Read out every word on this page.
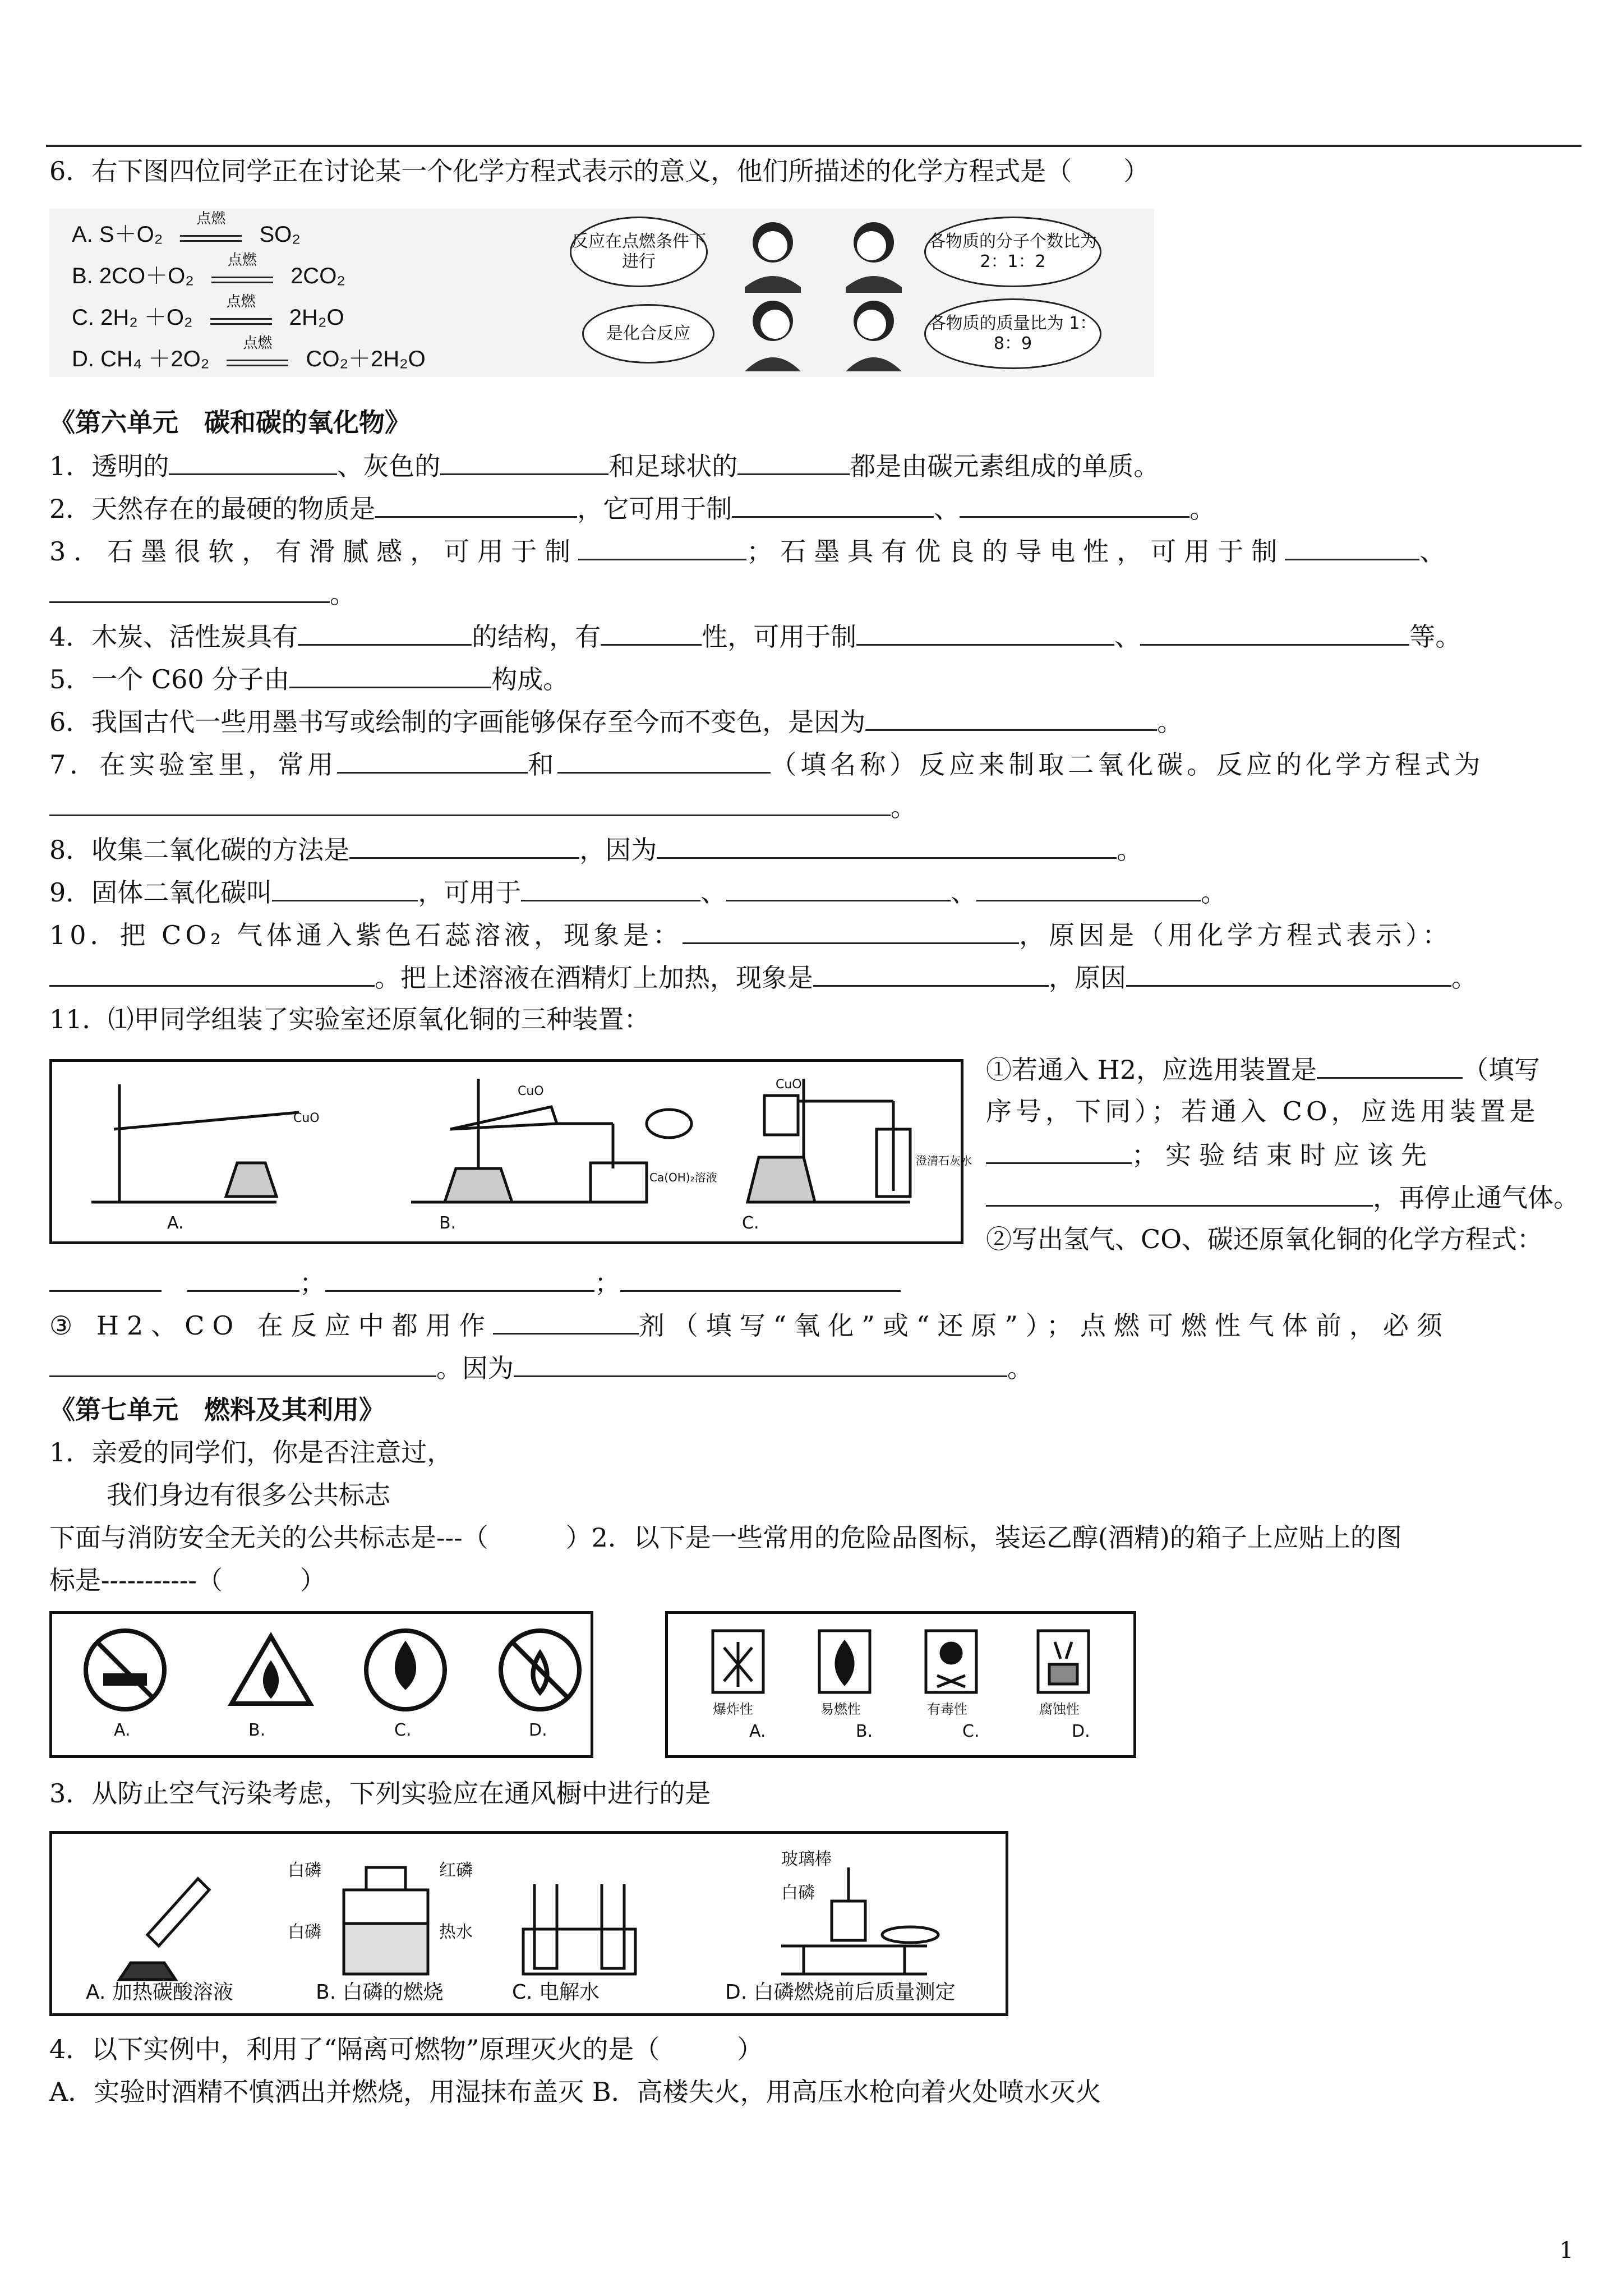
6．右下图四位同学正在讨论某一个化学方程式表示的意义，他们所描述的化学方程式是（　　）
A. S＋O₂
点燃
SO₂
B. 2CO＋O₂
点燃
2CO₂
C. 2H₂ ＋O₂
点燃
2H₂O
D. CH₄ ＋2O₂
点燃
CO₂＋2H₂O
反应在点燃条件下进行
各物质的分子个数比为 2：1：2
是化合反应
各物质的质量比为 1：8：9
《第六单元　碳和碳的氧化物》
1．透明的	、灰色的	和足球状的	都是由碳元素组成的单质。
2．天然存在的最硬的物质是	，它可用于制	、	。
3．石墨很软，有滑腻感，可用于制	；石墨具有优良的导电性，可用于制	、
。
4．木炭、活性炭具有	的结构，有	性，可用于制	、	等。
5．一个 C60 分子由	构成。
6．我国古代一些用墨书写或绘制的字画能够保存至今而不变色，是因为	。
7．在实验室里，常用	和	（填名称）反应来制取二氧化碳。反应的化学方程式为
。
8．收集二氧化碳的方法是	，因为	。
9．固体二氧化碳叫	，可用于	、	、	。
10．把 CO₂ 气体通入紫色石蕊溶液，现象是：	，原因是（用化学方程式表示）：
。把上述溶液在酒精灯上加热，现象是	，原因	。
11．⑴甲同学组装了实验室还原氧化铜的三种装置：
A.	B.	C.
CuO
CuO	CuO
Ca(OH)₂溶液
澄清石灰水
①若通入 H2，应选用装置是	（填写
序号，下同）；若通入 CO，应选用装置是
；实验结束时应该先
，再停止通气体。
②写出氢气、CO、碳还原氧化铜的化学方程式：
　；	；
③ H2、CO 在反应中都用作	剂（填写“氧化”或“还原”）；点燃可燃性气体前，必须
。因为	。
《第七单元　燃料及其利用》
1．亲爱的同学们，你是否注意过，
我们身边有很多公共标志
下面与消防安全无关的公共标志是---（　　　）2．以下是一些常用的危险品图标，装运乙醇(酒精)的箱子上应贴上的图
标是-----------（　　　）
A.	B.	C.	D.
爆炸性	易燃性	有毒性	腐蚀性
A.	B.	C.	D.
3．从防止空气污染考虑，下列实验应在通风橱中进行的是
A. 加热碳酸溶液	B. 白磷的燃烧	C. 电解水	D. 白磷燃烧前后质量测定
白磷	红磷
白磷	热水
玻璃棒
白磷
4．以下实例中，利用了“隔离可燃物”原理灭火的是（　　　）
A．实验时酒精不慎洒出并燃烧，用湿抹布盖灭 B．高楼失火，用高压水枪向着火处喷水灭火
1
